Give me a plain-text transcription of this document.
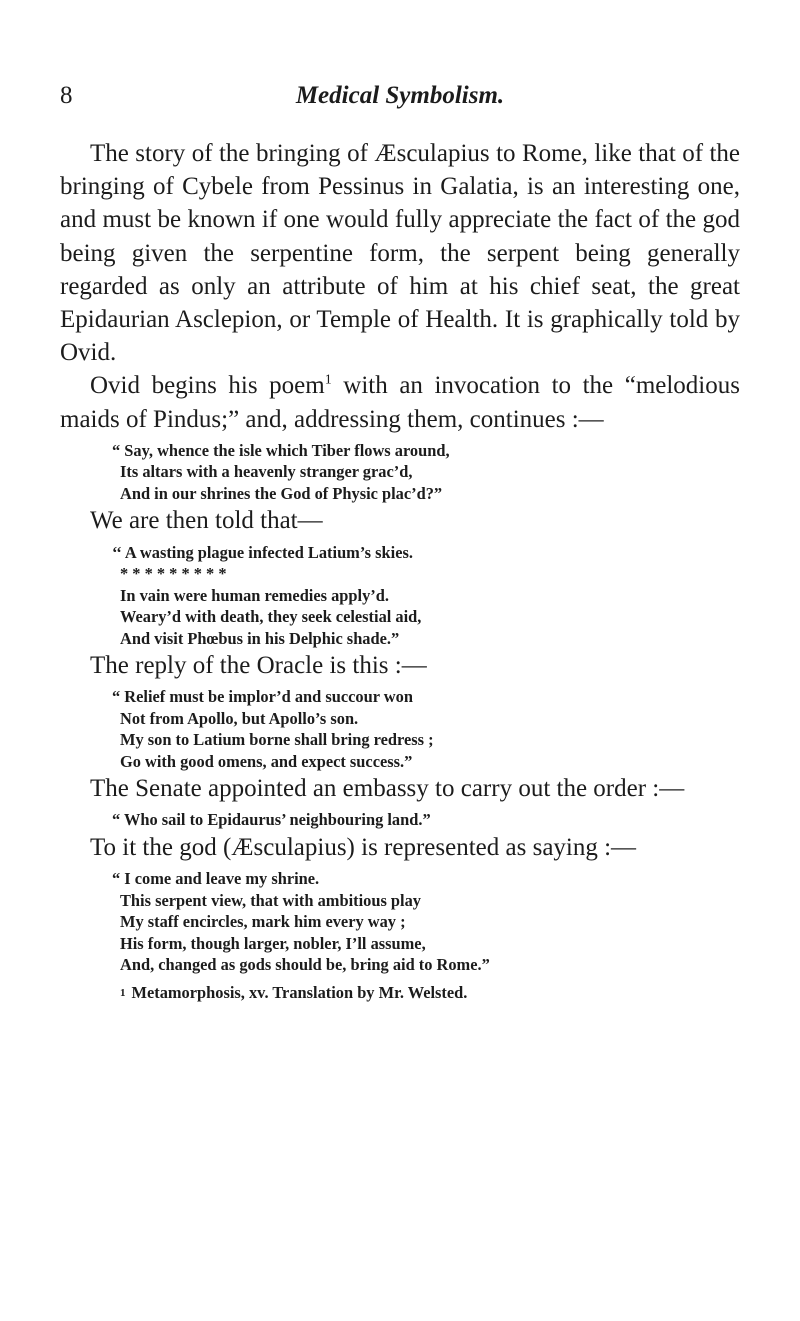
8	Medical Symbolism.

The story of the bringing of Æsculapius to Rome, like that of the bringing of Cybele from Pessinus in Galatia, is an interesting one, and must be known if one would fully appreciate the fact of the god being given the serpentine form, the serpent being generally regarded as only an attribute of him at his chief seat, the great Epidaurian Asclepion, or Temple of Health. It is graphically told by Ovid.

Ovid begins his poem$^1$ with an invocation to the “melodious maids of Pindus;” and, addressing them, continues :—

“ Say, whence the isle which Tiber flows around,
Its altars with a heavenly stranger grac’d,
And in our shrines the God of Physic plac’d?”

We are then told that—

‘‘ A wasting plague infected Latium’s skies.
* * * * * * * * *
In vain were human remedies apply’d.
Weary’d with death, they seek celestial aid,
And visit Phœbus in his Delphic shade.”

The reply of the Oracle is this :—

“ Relief must be implor’d and succour won
Not from Apollo, but Apollo’s son.
My son to Latium borne shall bring redress ;
Go with good omens, and expect success.”

The Senate appointed an embassy to carry out the order :—

“ Who sail to Epidaurus’ neighbouring land.”

To it the god (Æsculapius) is represented as saying :—

“ I come and leave my shrine.
This serpent view, that with ambitious play
My staff encircles, mark him every way ;
His form, though larger, nobler, I’ll assume,
And, changed as gods should be, bring aid to Rome.”
$^1$ Metamorphosis, xv. Translation by Mr. Welsted.
